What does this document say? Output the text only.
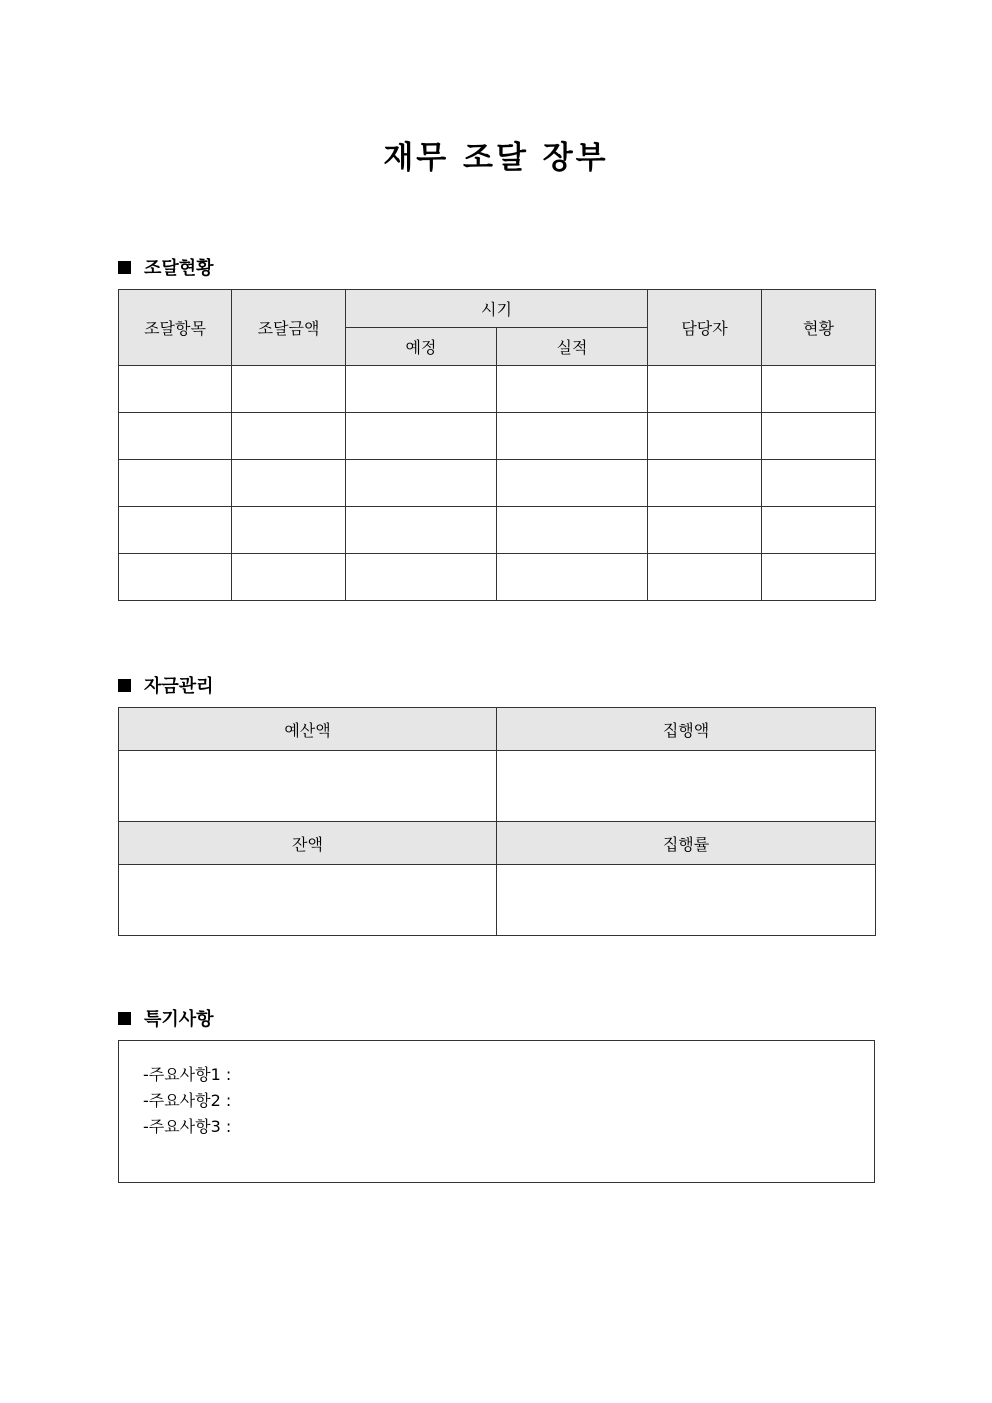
재무 조달 장부
조달현황
조달항목	조달금액	시기		담당자	현황
		예정	실적		

자금관리
예산액	집행액

잔액	집행률

특기사항
-주요사항1 :
-주요사항2 :
-주요사항3 :
